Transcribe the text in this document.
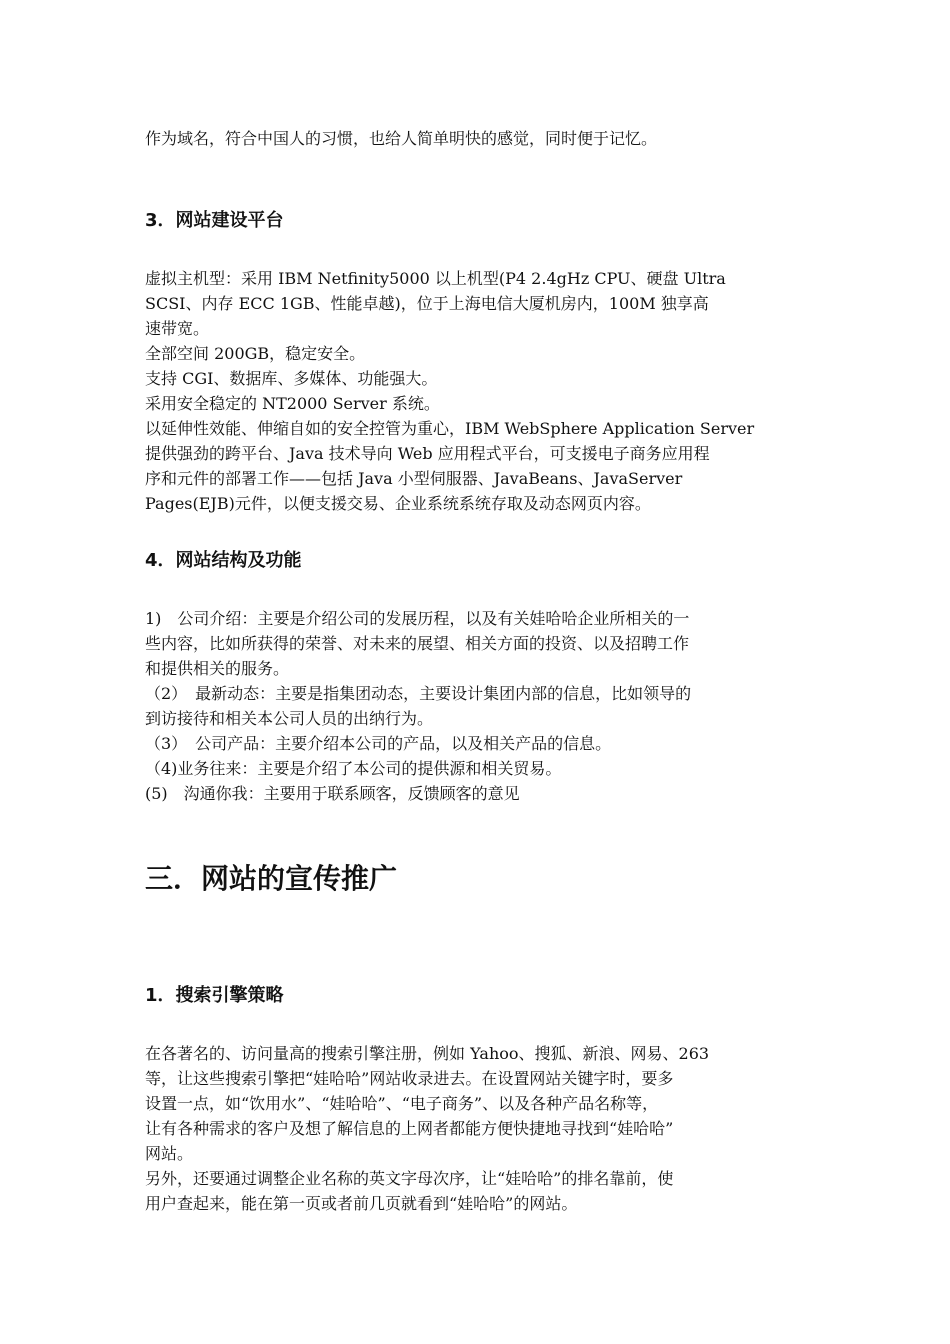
作为域名，符合中国人的习惯，也给人简单明快的感觉，同时便于记忆。

3．网站建设平台

虚拟主机型：采用 IBM Netfinity5000 以上机型(P4 2.4gHz CPU、硬盘 Ultra
SCSI、内存 ECC 1GB、性能卓越)，位于上海电信大厦机房内，100M 独享高
速带宽。
全部空间 200GB，稳定安全。
支持 CGI、数据库、多媒体、功能强大。
采用安全稳定的 NT2000 Server 系统。
以延伸性效能、伸缩自如的安全控管为重心，IBM WebSphere Application Server
提供强劲的跨平台、Java 技术导向 Web 应用程式平台，可支援电子商务应用程
序和元件的部署工作——包括 Java 小型伺服器、JavaBeans、JavaServer
Pages(EJB)元件，以便支援交易、企业系统系统存取及动态网页内容。

4．网站结构及功能

1)　公司介绍：主要是介绍公司的发展历程，以及有关娃哈哈企业所相关的一
些内容，比如所获得的荣誉、对未来的展望、相关方面的投资、以及招聘工作
和提供相关的服务。
（2）　最新动态：主要是指集团动态，主要设计集团内部的信息，比如领导的
到访接待和相关本公司人员的出纳行为。
（3）　公司产品：主要介绍本公司的产品，以及相关产品的信息。
（4)业务往来：主要是介绍了本公司的提供源和相关贸易。
(5)　沟通你我：主要用于联系顾客，反馈顾客的意见

三．网站的宣传推广
1．搜索引擎策略

在各著名的、访问量高的搜索引擎注册，例如 Yahoo、搜狐、新浪、网易、263
等，让这些搜索引擎把“娃哈哈”网站收录进去。在设置网站关键字时，要多
设置一点，如“饮用水”、“娃哈哈”、“电子商务”、以及各种产品名称等，
让有各种需求的客户及想了解信息的上网者都能方便快捷地寻找到“娃哈哈”
网站。
另外，还要通过调整企业名称的英文字母次序，让“娃哈哈”的排名靠前，使
用户查起来，能在第一页或者前几页就看到“娃哈哈”的网站。
